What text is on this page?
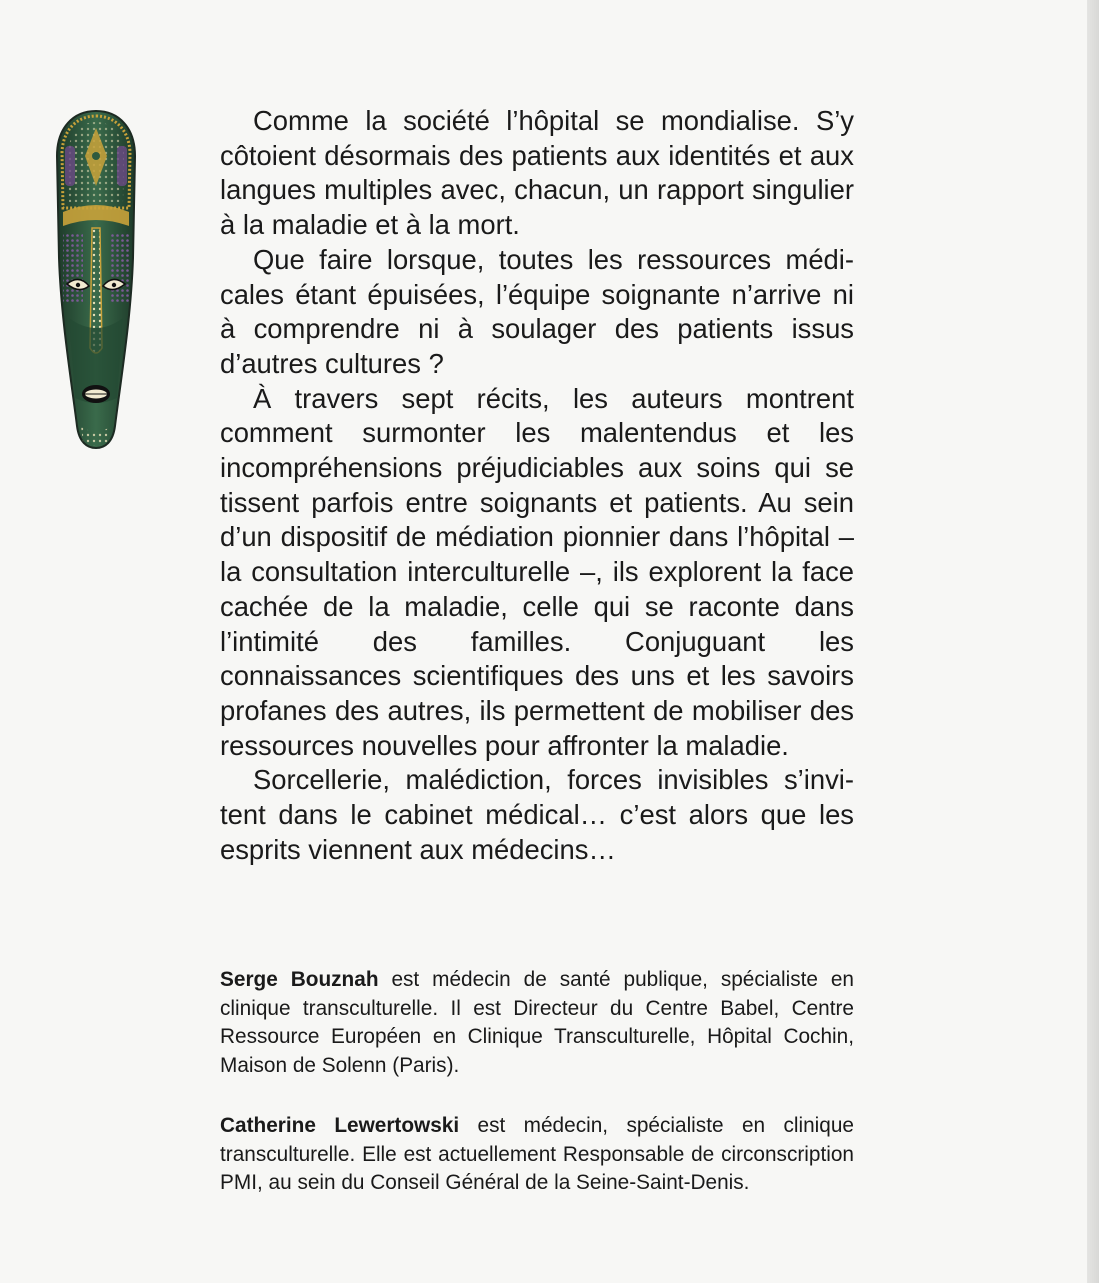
Comme la société l’hôpital se mondialise. S’y côtoient désormais des patients aux identités et aux langues multiples avec, chacun, un rapport singulier à la maladie et à la mort.

Que faire lorsque, toutes les ressources médicales étant épuisées, l’équipe soignante n’arrive ni à comprendre ni à soulager des patients issus d’autres cultures ?

À travers sept récits, les auteurs montrent comment surmonter les malentendus et les incompréhensions préjudiciables aux soins qui se tissent parfois entre soignants et patients. Au sein d’un dispositif de médiation pionnier dans l’hôpital – la consultation interculturelle –, ils explorent la face cachée de la maladie, celle qui se raconte dans l’intimité des familles. Conjuguant les connaissances scientifiques des uns et les savoirs profanes des autres, ils permettent de mobiliser des ressources nouvelles pour affronter la maladie.

Sorcellerie, malédiction, forces invisibles s’invitent dans le cabinet médical… c’est alors que les esprits viennent aux médecins…

Serge Bouznah est médecin de santé publique, spécialiste en clinique transculturelle. Il est Directeur du Centre Babel, Centre Ressource Européen en Clinique Transculturelle, Hôpital Cochin, Maison de Solenn (Paris).

Catherine Lewertowski est médecin, spécialiste en clinique transculturelle. Elle est actuellement Responsable de circonscription PMI, au sein du Conseil Général de la Seine-Saint-Denis.
